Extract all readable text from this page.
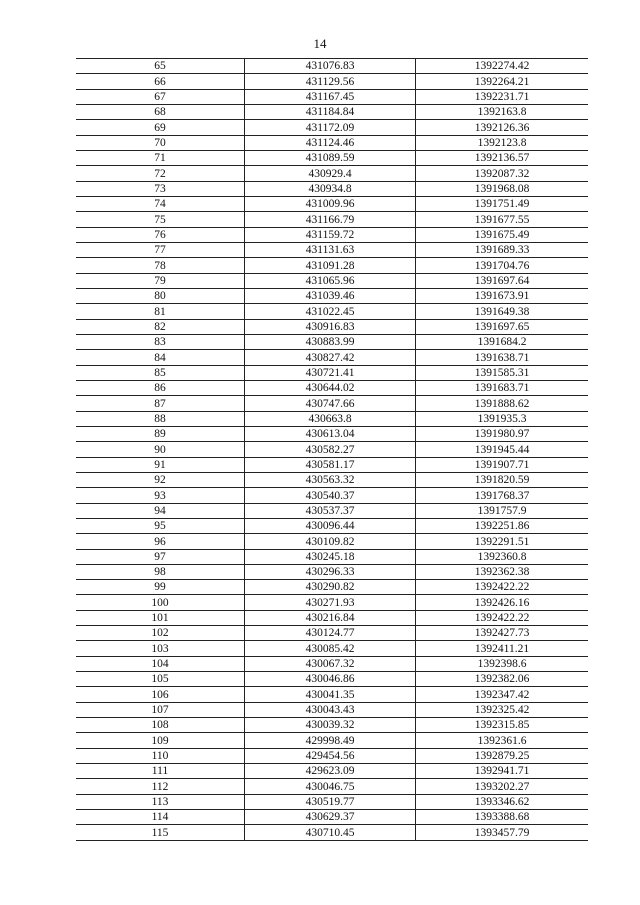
14
65	431076.83	1392274.42
66	431129.56	1392264.21
67	431167.45	1392231.71
68	431184.84	1392163.8
69	431172.09	1392126.36
70	431124.46	1392123.8
71	431089.59	1392136.57
72	430929.4	1392087.32
73	430934.8	1391968.08
74	431009.96	1391751.49
75	431166.79	1391677.55
76	431159.72	1391675.49
77	431131.63	1391689.33
78	431091.28	1391704.76
79	431065.96	1391697.64
80	431039.46	1391673.91
81	431022.45	1391649.38
82	430916.83	1391697.65
83	430883.99	1391684.2
84	430827.42	1391638.71
85	430721.41	1391585.31
86	430644.02	1391683.71
87	430747.66	1391888.62
88	430663.8	1391935.3
89	430613.04	1391980.97
90	430582.27	1391945.44
91	430581.17	1391907.71
92	430563.32	1391820.59
93	430540.37	1391768.37
94	430537.37	1391757.9
95	430096.44	1392251.86
96	430109.82	1392291.51
97	430245.18	1392360.8
98	430296.33	1392362.38
99	430290.82	1392422.22
100	430271.93	1392426.16
101	430216.84	1392422.22
102	430124.77	1392427.73
103	430085.42	1392411.21
104	430067.32	1392398.6
105	430046.86	1392382.06
106	430041.35	1392347.42
107	430043.43	1392325.42
108	430039.32	1392315.85
109	429998.49	1392361.6
110	429454.56	1392879.25
111	429623.09	1392941.71
112	430046.75	1393202.27
113	430519.77	1393346.62
114	430629.37	1393388.68
115	430710.45	1393457.79
